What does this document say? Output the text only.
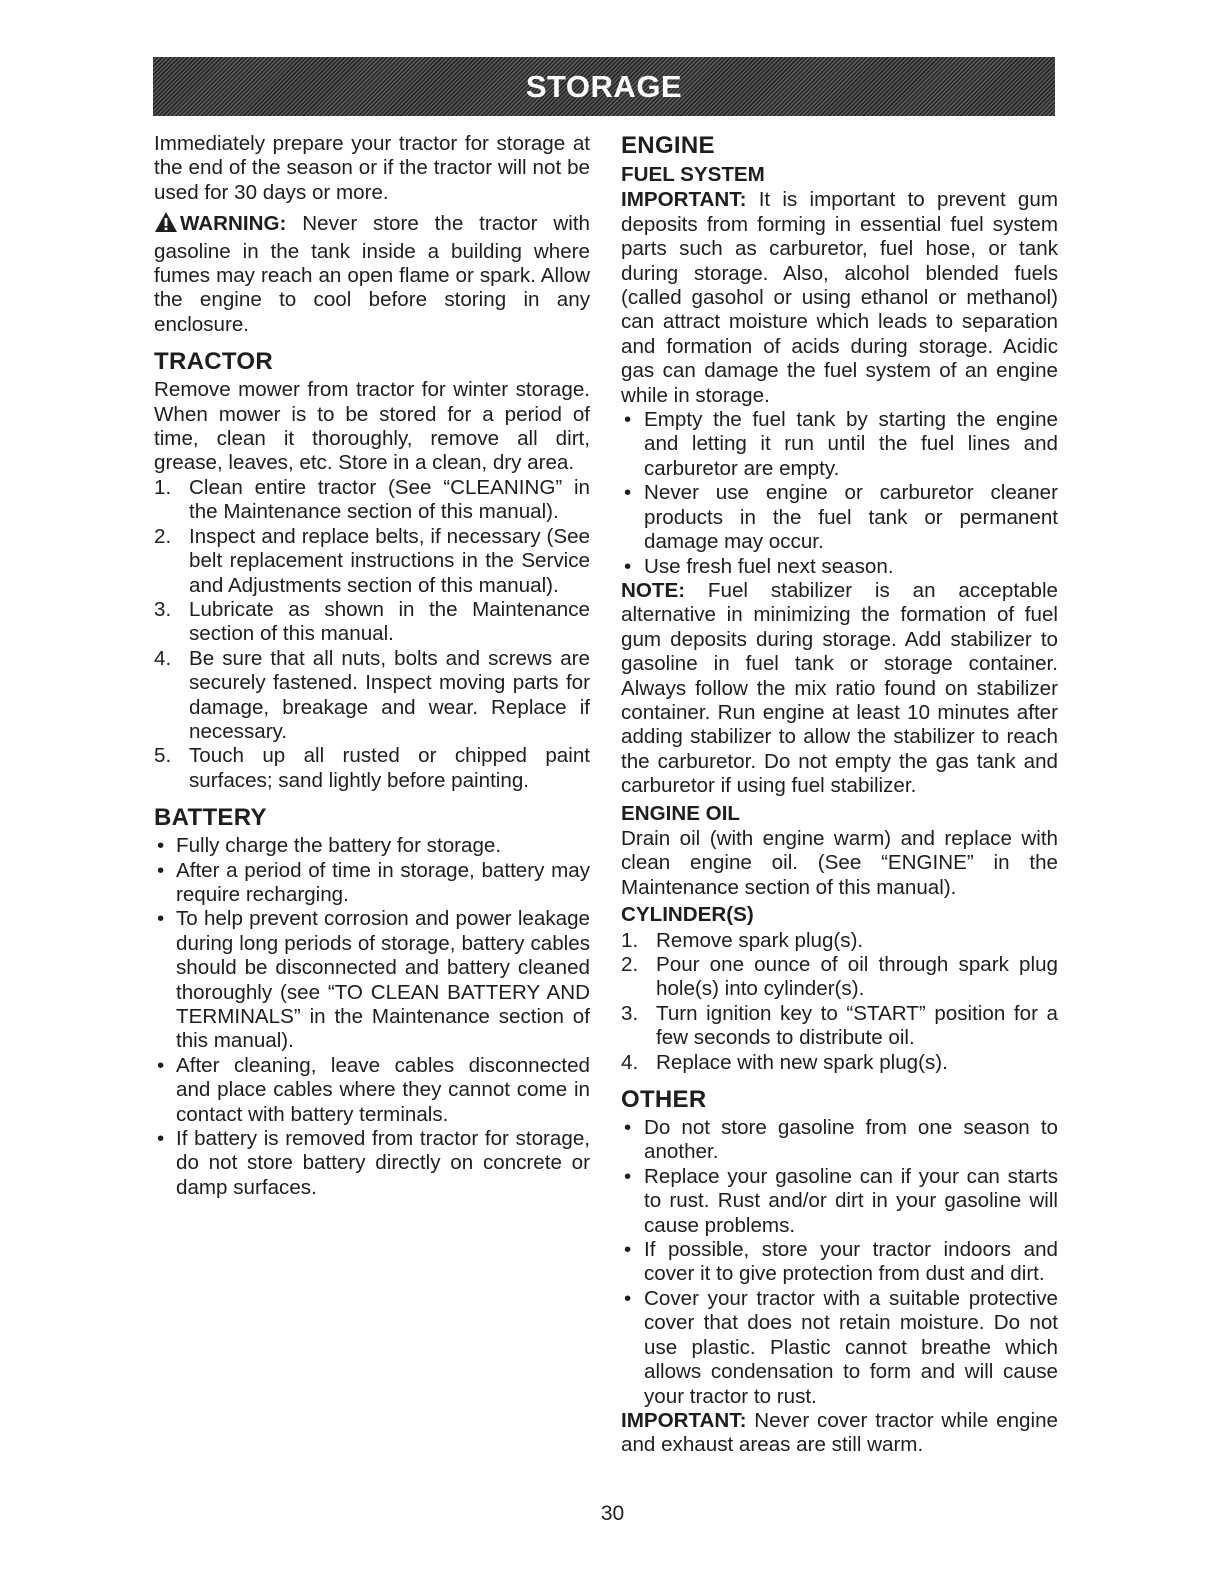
STORAGE

Immediately prepare your tractor for storage at the end of the season or if the tractor will not be used for 30 days or more.

WARNING: Never store the tractor with gasoline in the tank inside a building where fumes may reach an open flame or spark. Allow the engine to cool before storing in any enclosure.

TRACTOR

Remove mower from tractor for winter storage. When mower is to be stored for a period of time, clean it thoroughly, remove all dirt, grease, leaves, etc. Store in a clean, dry area.

1. Clean entire tractor (See “CLEANING” in the Maintenance section of this manual).
2. Inspect and replace belts, if necessary (See belt replacement instructions in the Service and Adjustments section of this manual).
3. Lubricate as shown in the Maintenance section of this manual.
4. Be sure that all nuts, bolts and screws are securely fastened. Inspect moving parts for damage, breakage and wear. Replace if necessary.
5. Touch up all rusted or chipped paint surfaces; sand lightly before painting.
BATTERY
• Fully charge the battery for storage.
• After a period of time in storage, battery may require recharging.
• To help prevent corrosion and power leakage during long periods of storage, battery cables should be disconnected and battery cleaned thoroughly (see “TO CLEAN BATTERY AND TERMINALS” in the Maintenance section of this manual).
• After cleaning, leave cables disconnected and place cables where they cannot come in contact with battery terminals.
• If battery is removed from tractor for storage, do not store battery directly on concrete or damp surfaces.
ENGINE
FUEL SYSTEM

IMPORTANT: It is important to prevent gum deposits from forming in essential fuel system parts such as carburetor, fuel hose, or tank during storage. Also, alcohol blended fuels (called gasohol or using ethanol or methanol) can attract moisture which leads to separation and formation of acids during storage. Acidic gas can damage the fuel system of an engine while in storage.

• Empty the fuel tank by starting the engine and letting it run until the fuel lines and carburetor are empty.
• Never use engine or carburetor cleaner products in the fuel tank or permanent damage may occur.
• Use fresh fuel next season.

NOTE: Fuel stabilizer is an acceptable alternative in minimizing the formation of fuel gum deposits during storage. Add stabilizer to gasoline in fuel tank or storage container. Always follow the mix ratio found on stabilizer container. Run engine at least 10 minutes after adding stabilizer to allow the stabilizer to reach the carburetor. Do not empty the gas tank and carburetor if using fuel stabilizer.

ENGINE OIL

Drain oil (with engine warm) and replace with clean engine oil. (See “ENGINE” in the Maintenance section of this manual).

CYLINDER(S)
1. Remove spark plug(s).
2. Pour one ounce of oil through spark plug hole(s) into cylinder(s).
3. Turn ignition key to “START” position for a few seconds to distribute oil.
4. Replace with new spark plug(s).
OTHER
• Do not store gasoline from one season to another.
• Replace your gasoline can if your can starts to rust. Rust and/or dirt in your gasoline will cause problems.
• If possible, store your tractor indoors and cover it to give protection from dust and dirt.
• Cover your tractor with a suitable protective cover that does not retain moisture. Do not use plastic. Plastic cannot breathe which allows condensation to form and will cause your tractor to rust.

IMPORTANT: Never cover tractor while engine and exhaust areas are still warm.

30
